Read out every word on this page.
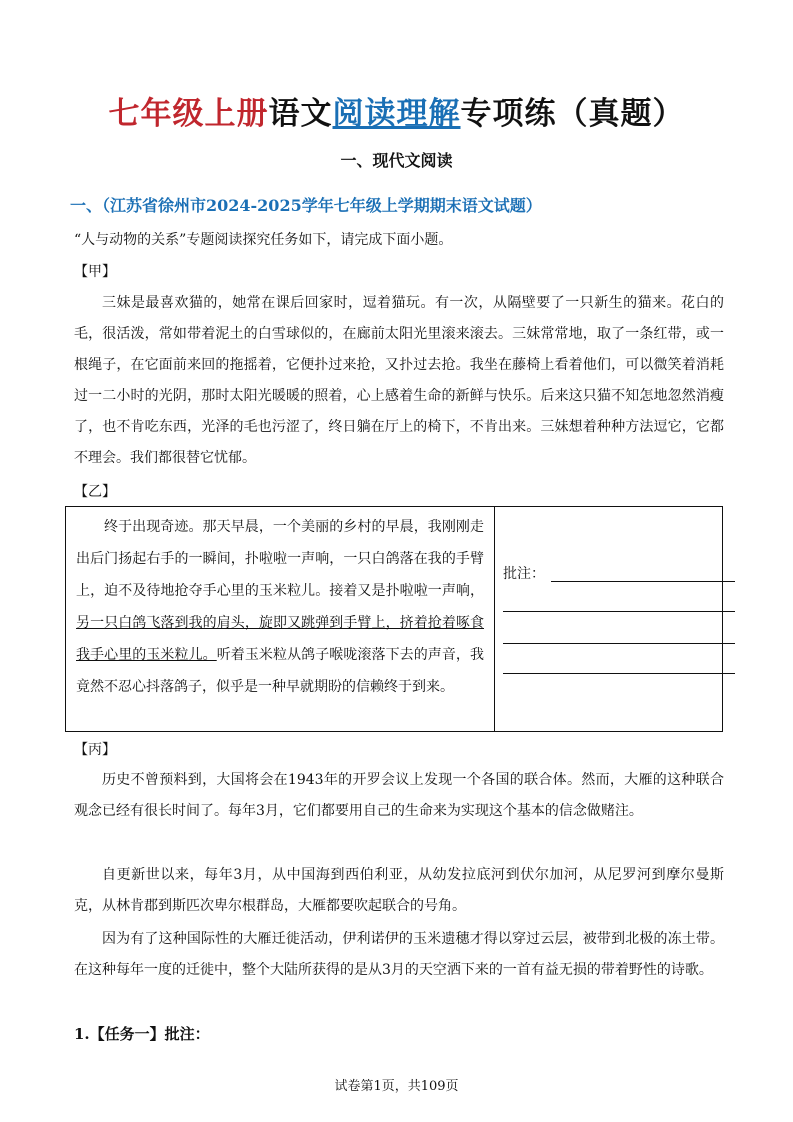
七年级上册语文阅读理解专项练（真题）
一、现代文阅读
一、（江苏省徐州市2024-2025学年七年级上学期期末语文试题）
“人与动物的关系”专题阅读探究任务如下，请完成下面小题。
【甲】
三妹是最喜欢猫的，她常在课后回家时，逗着猫玩。有一次，从隔壁要了一只新生的猫来。花白的毛，很活泼，常如带着泥土的白雪球似的，在廊前太阳光里滚来滚去。三妹常常地，取了一条红带，或一根绳子，在它面前来回的拖摇着，它便扑过来抢，又扑过去抢。我坐在藤椅上看着他们，可以微笑着消耗过一二小时的光阴，那时太阳光暖暖的照着，心上感着生命的新鲜与快乐。后来这只猫不知怎地忽然消瘦了，也不肯吃东西，光泽的毛也污涩了，终日躺在厅上的椅下，不肯出来。三妹想着种种方法逗它，它都不理会。我们都很替它忧郁。
【乙】

终于出现奇迹。那天早晨，一个美丽的乡村的早晨，我刚刚走出后门扬起右手的一瞬间，扑啦啦一声响，一只白鸽落在我的手臂上，迫不及待地抢夺手心里的玉米粒儿。接着又是扑啦啦一声响，另一只白鸽飞落到我的肩头，旋即又跳弹到手臂上，挤着抢着啄食我手心里的玉米粒儿。听着玉米粒从鸽子喉咙滚落下去的声音，我竟然不忍心抖落鸽子，似乎是一种早就期盼的信赖终于到来。

批注：
【丙】
历史不曾预料到，大国将会在1943年的开罗会议上发现一个各国的联合体。然而，大雁的这种联合观念已经有很长时间了。每年3月，它们都要用自己的生命来为实现这个基本的信念做赌注。
自更新世以来，每年3月，从中国海到西伯利亚，从幼发拉底河到伏尔加河，从尼罗河到摩尔曼斯克，从林肯郡到斯匹次卑尔根群岛，大雁都要吹起联合的号角。
因为有了这种国际性的大雁迁徙活动，伊利诺伊的玉米遗穗才得以穿过云层，被带到北极的冻土带。在这种每年一度的迁徙中，整个大陆所获得的是从3月的天空洒下来的一首有益无损的带着野性的诗歌。
1.【任务一】批注：
试卷第1页，共109页
